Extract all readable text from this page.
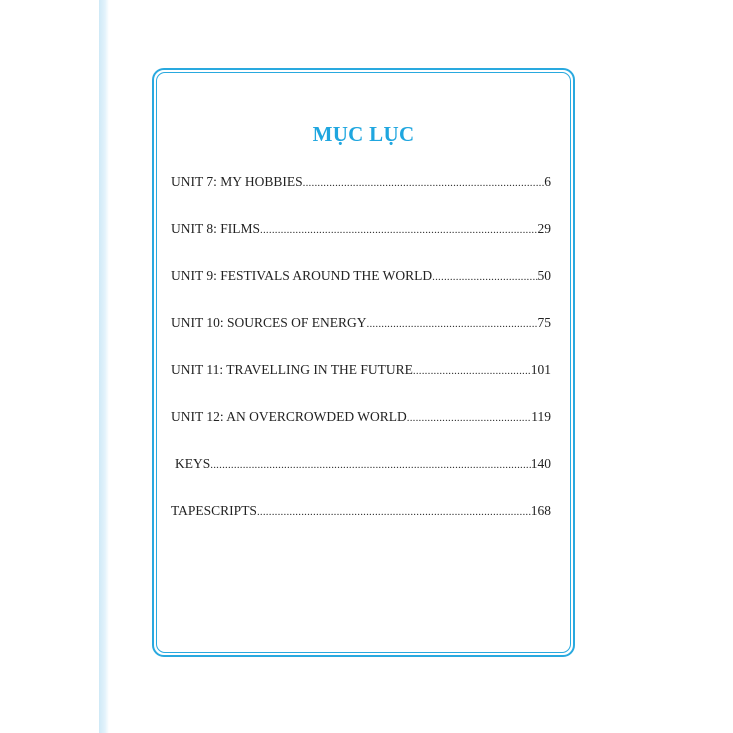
MỤC LỤC
UNIT 7: MY HOBBIES .....	6
UNIT 8: FILMS .....	29
UNIT 9: FESTIVALS AROUND THE WORLD .....	50
UNIT 10: SOURCES OF ENERGY .....	75
UNIT 11: TRAVELLING IN THE FUTURE .....	101
UNIT 12: AN OVERCROWDED WORLD .....	119
KEYS .....	140
TAPESCRIPTS .....	168
